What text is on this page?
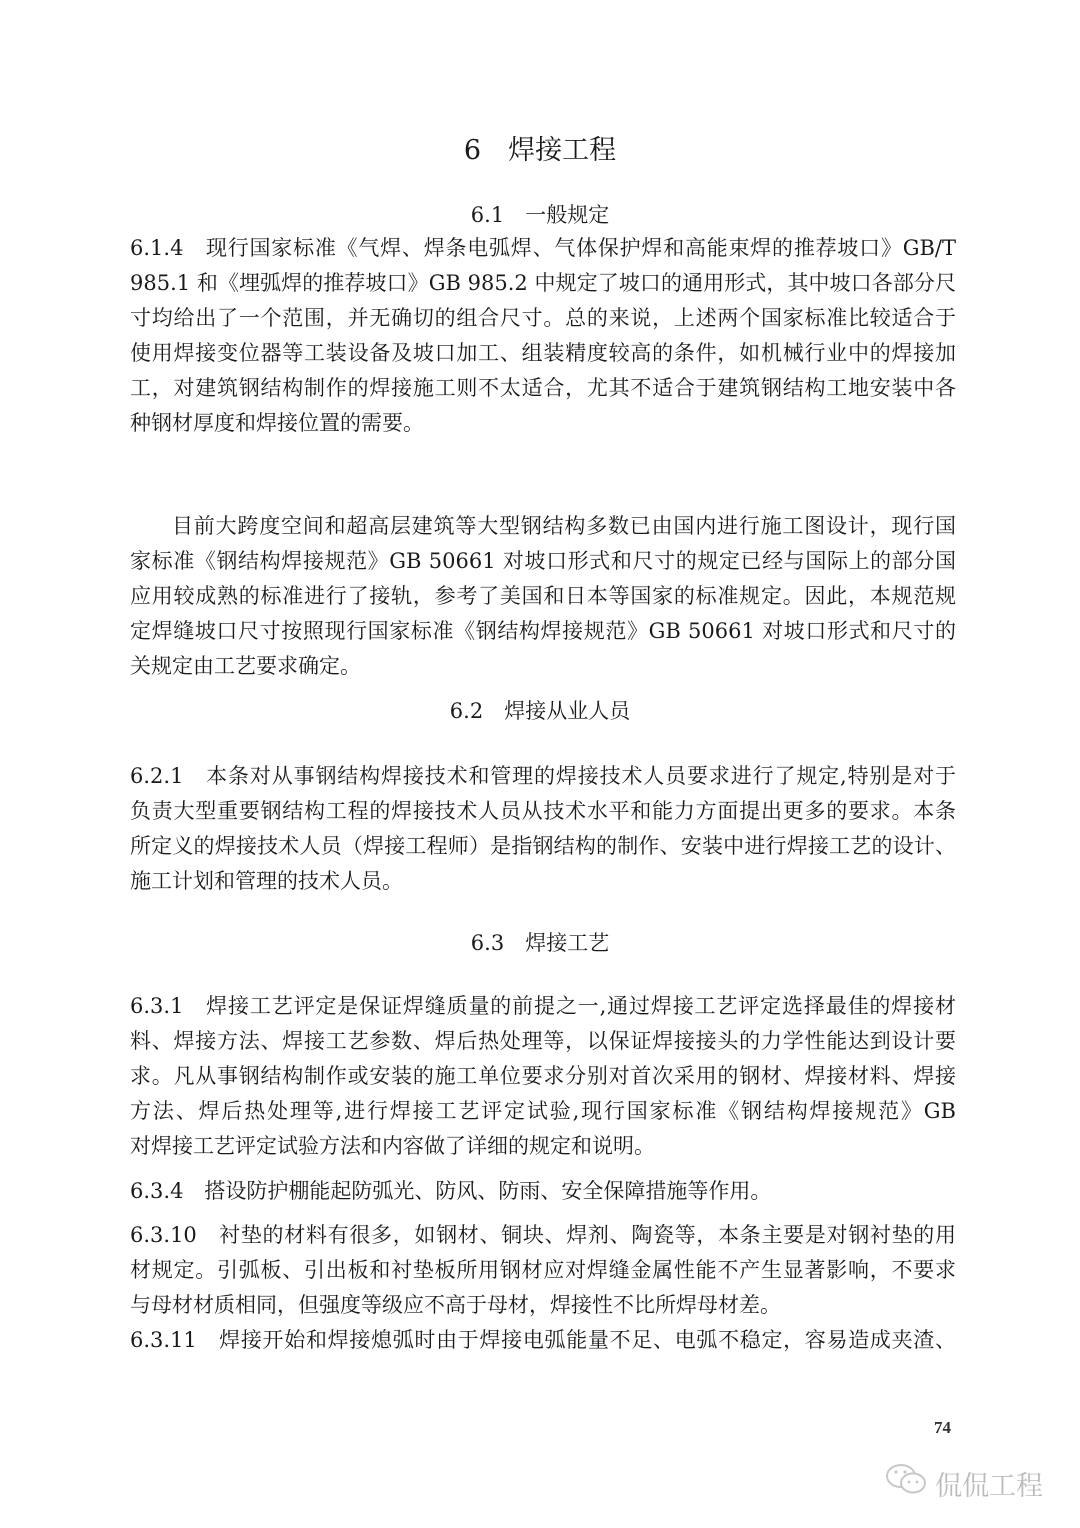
6　焊接工程
6.1　一般规定
6.1.4　现行国家标准《气焊、焊条电弧焊、气体保护焊和高能束焊的推荐坡口》GB/T
985.1 和《埋弧焊的推荐坡口》GB 985.2 中规定了坡口的通用形式，其中坡口各部分尺
寸均给出了一个范围，并无确切的组合尺寸。总的来说，上述两个国家标准比较适合于
使用焊接变位器等工装设备及坡口加工、组装精度较高的条件，如机械行业中的焊接加
工，对建筑钢结构制作的焊接施工则不太适合，尤其不适合于建筑钢结构工地安装中各
种钢材厚度和焊接位置的需要。
目前大跨度空间和超高层建筑等大型钢结构多数已由国内进行施工图设计，现行国
家标准《钢结构焊接规范》GB 50661 对坡口形式和尺寸的规定已经与国际上的部分国
应用较成熟的标准进行了接轨，参考了美国和日本等国家的标准规定。因此，本规范规
定焊缝坡口尺寸按照现行国家标准《钢结构焊接规范》GB 50661 对坡口形式和尺寸的
关规定由工艺要求确定。
6.2　焊接从业人员
6.2.1　本条对从事钢结构焊接技术和管理的焊接技术人员要求进行了规定,特别是对于
负责大型重要钢结构工程的焊接技术人员从技术水平和能力方面提出更多的要求。本条
所定义的焊接技术人员（焊接工程师）是指钢结构的制作、安装中进行焊接工艺的设计、
施工计划和管理的技术人员。
6.3　焊接工艺
6.3.1　焊接工艺评定是保证焊缝质量的前提之一,通过焊接工艺评定选择最佳的焊接材
料、焊接方法、焊接工艺参数、焊后热处理等，以保证焊接接头的力学性能达到设计要
求。凡从事钢结构制作或安装的施工单位要求分别对首次采用的钢材、焊接材料、焊接
方法、焊后热处理等,进行焊接工艺评定试验,现行国家标准《钢结构焊接规范》GB
对焊接工艺评定试验方法和内容做了详细的规定和说明。
6.3.4　搭设防护棚能起防弧光、防风、防雨、安全保障措施等作用。
6.3.10　衬垫的材料有很多，如钢材、铜块、焊剂、陶瓷等，本条主要是对钢衬垫的用
材规定。引弧板、引出板和衬垫板所用钢材应对焊缝金属性能不产生显著影响，不要求
与母材材质相同，但强度等级应不高于母材，焊接性不比所焊母材差。
6.3.11　焊接开始和焊接熄弧时由于焊接电弧能量不足、电弧不稳定，容易造成夹渣、
74
侃侃工程
